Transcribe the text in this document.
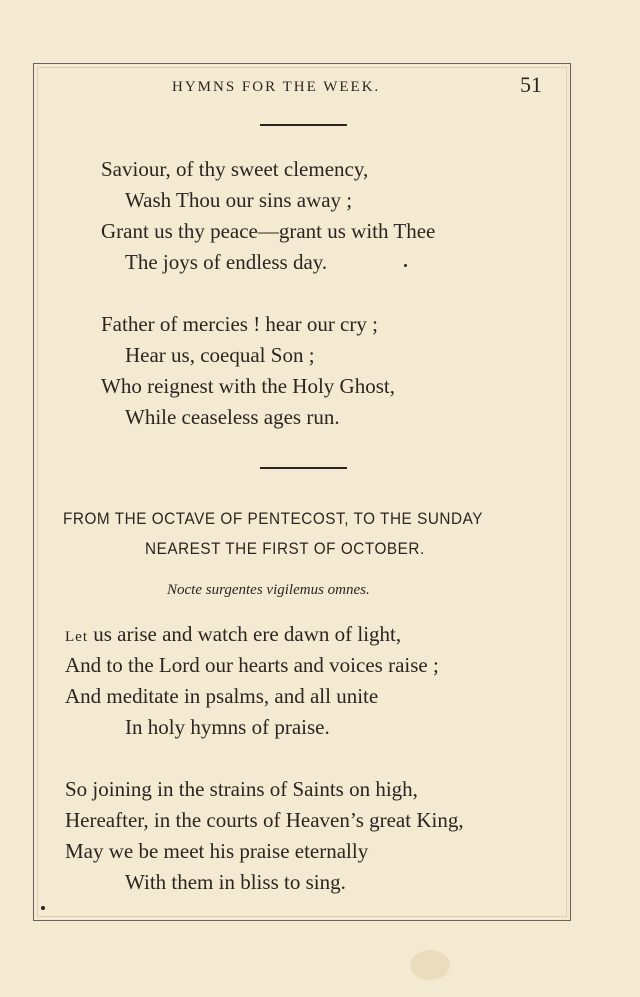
HYMNS FOR THE WEEK.	51
Saviour, of thy sweet clemency,
Wash Thou our sins away ;
Grant us thy peace—grant us with Thee
The joys of endless day.
Father of mercies ! hear our cry ;
Hear us, coequal Son ;
Who reignest with the Holy Ghost,
While ceaseless ages run.
FROM THE OCTAVE OF PENTECOST, TO THE SUNDAY
NEAREST THE FIRST OF OCTOBER.
Nocte surgentes vigilemus omnes.
Let us arise and watch ere dawn of light,
And to the Lord our hearts and voices raise ;
And meditate in psalms, and all unite
In holy hymns of praise.
So joining in the strains of Saints on high,
Hereafter, in the courts of Heaven’s great King,
May we be meet his praise eternally
With them in bliss to sing.
